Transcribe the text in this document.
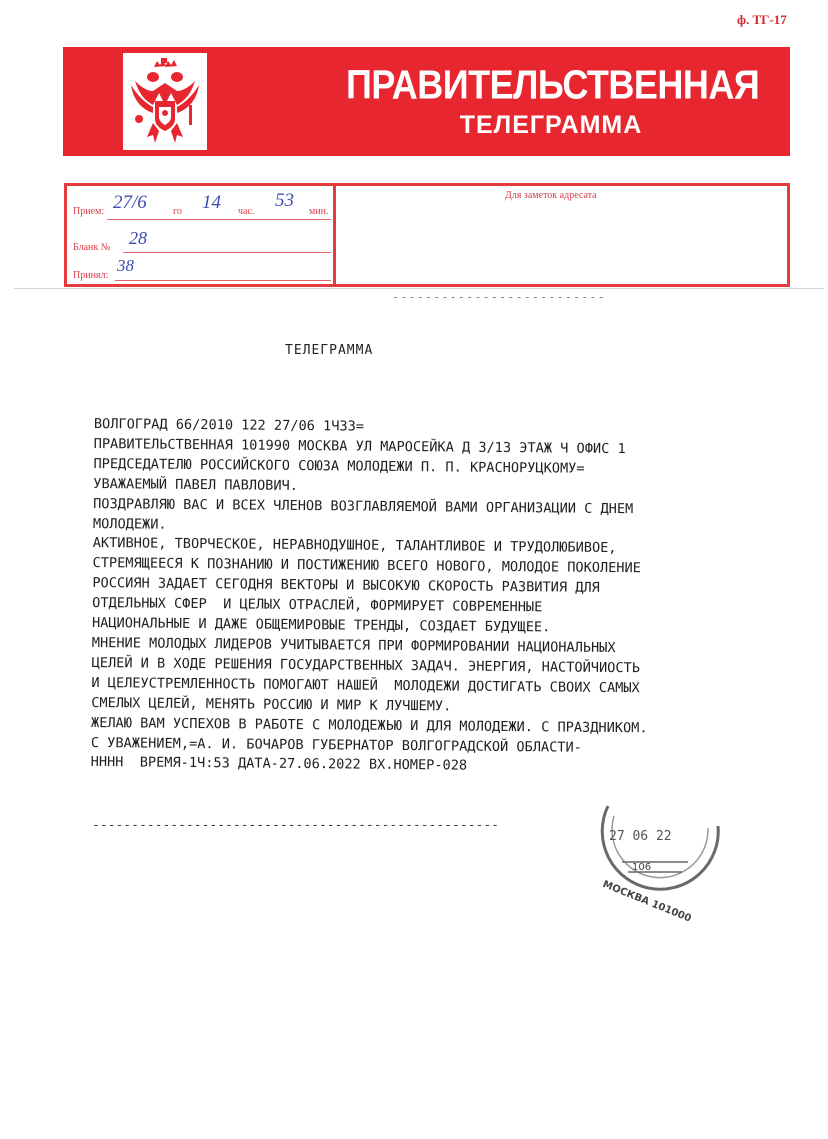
ф. ТГ-17
ПРАВИТЕЛЬСТВЕННАЯ
ТЕЛЕГРАММА
Прием: 27/6	го 14 час.
53
мин.
Бланк № 28
Принял:
38
Для заметок адресата
--------------------------
ТЕЛЕГРАММА
ВОЛГОГРАД 66/2010 122 27/06 1Ч33=
ПРАВИТЕЛЬСТВЕННАЯ 101990 МОСКВА УЛ МАРОСЕЙКА Д 3/13 ЭТАЖ Ч ОФИС 1
ПРЕДСЕДАТЕЛЮ РОССИЙСКОГО СОЮЗА МОЛОДЕЖИ П. П. КРАСНОРУЦКОМУ=
УВАЖАЕМЫЙ ПАВЕЛ ПАВЛОВИЧ.
ПОЗДРАВЛЯЮ ВАС И ВСЕХ ЧЛЕНОВ ВОЗГЛАВЛЯЕМОЙ ВАМИ ОРГАНИЗАЦИИ С ДНЕМ
МОЛОДЕЖИ.
АКТИВНОЕ, ТВОРЧЕСКОЕ, НЕРАВНОДУШНОЕ, ТАЛАНТЛИВОЕ И ТРУДОЛЮБИВОЕ,
СТРЕМЯЩЕЕСЯ К ПОЗНАНИЮ И ПОСТИЖЕНИЮ ВСЕГО НОВОГО, МОЛОДОЕ ПОКОЛЕНИЕ
РОССИЯН ЗАДАЕТ СЕГОДНЯ ВЕКТОРЫ И ВЫСОКУЮ СКОРОСТЬ РАЗВИТИЯ ДЛЯ
ОТДЕЛЬНЫХ СФЕР  И ЦЕЛЫХ ОТРАСЛЕЙ, ФОРМИРУЕТ СОВРЕМЕННЫЕ
НАЦИОНАЛЬНЫЕ И ДАЖЕ ОБЩЕМИРОВЫЕ ТРЕНДЫ, СОЗДАЕТ БУДУЩЕЕ.
МНЕНИЕ МОЛОДЫХ ЛИДЕРОВ УЧИТЫВАЕТСЯ ПРИ ФОРМИРОВАНИИ НАЦИОНАЛЬНЫХ
ЦЕЛЕЙ И В ХОДЕ РЕШЕНИЯ ГОСУДАРСТВЕННЫХ ЗАДАЧ. ЭНЕРГИЯ, НАСТОЙЧИОСТЬ
И ЦЕЛЕУСТРЕМЛЕННОСТЬ ПОМОГАЮТ НАШЕЙ  МОЛОДЕЖИ ДОСТИГАТЬ СВОИХ САМЫХ
СМЕЛЫХ ЦЕЛЕЙ, МЕНЯТЬ РОССИЮ И МИР К ЛУЧШЕМУ.
ЖЕЛАЮ ВАМ УСПЕХОВ В РАБОТЕ С МОЛОДЕЖЬЮ И ДЛЯ МОЛОДЕЖИ. С ПРАЗДНИКОМ.
С УВАЖЕНИЕМ,=А. И. БОЧАРОВ ГУБЕРНАТОР ВОЛГОГРАДСКОЙ ОБЛАСТИ-
НННН  ВРЕМЯ-1Ч:53 ДАТА-27.06.2022 ВХ.НОМЕР-028
----------------------------------------------------
27 06 22
106
МОСКВА 101000
